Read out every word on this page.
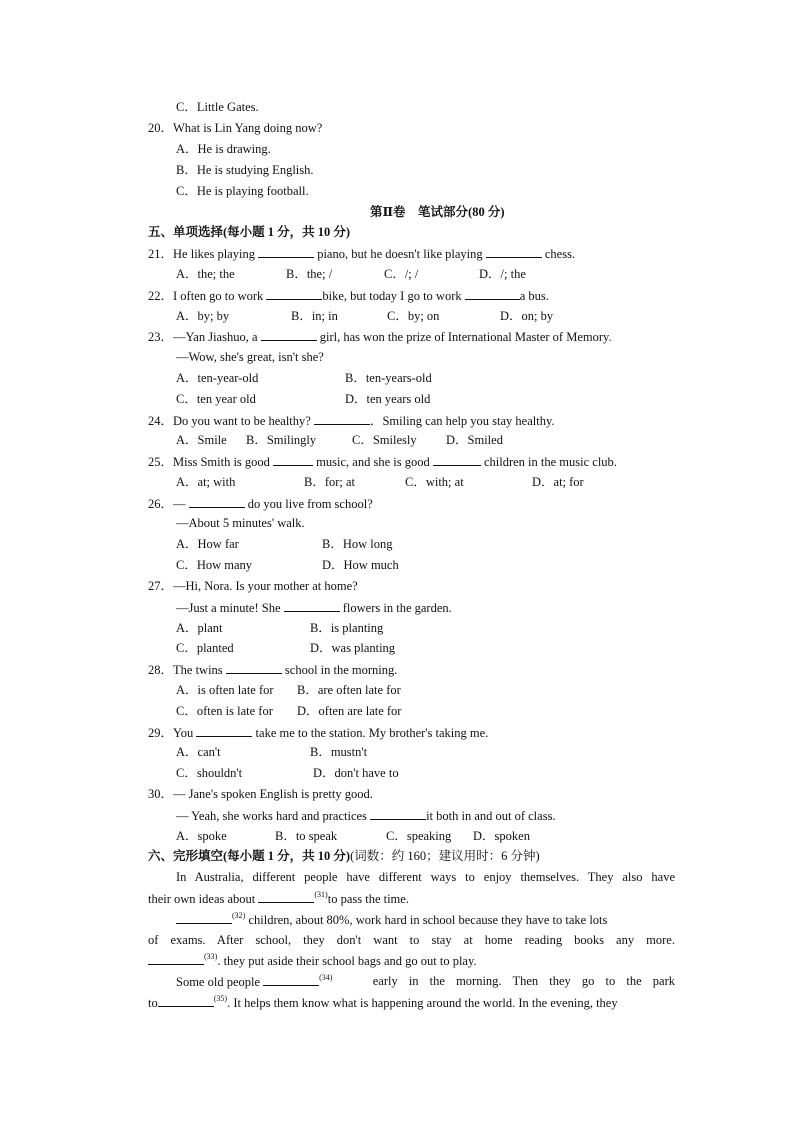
C．Little Gates.
20．What is Lin Yang doing now?
A．He is drawing.
B．He is studying English.
C．He is playing football.
第Ⅱ卷　笔试部分(80 分)
五、单项选择(每小题 1 分，共 10 分)
21．He likes playing	piano, but he doesn't like playing	chess.
A．the; the	B．the; /	C．/; /	D．/; the
22．I often go to work	bike, but today I go to work	a bus.
A．by; by	B．in; in	C．by; on	D．on; by
23．—Yan Jiashuo, a	girl, has won the prize of International Master of Memory.
—Wow, she's great, isn't she?
A．ten-year-old	B．ten-years-old
C．ten year old	D．ten years old
24．Do you want to be healthy?	．Smiling can help you stay healthy.
A．Smile B．Smilingly	C．Smilesly D．Smiled
25．Miss Smith is good	music, and she is good	children in the music club.
A．at; with	B．for; at	C．with; at	D．at; for
26．—	do you live from school?
—About 5 minutes' walk.
A．How far	B．How long
C．How many	D．How much
27．—Hi, Nora. Is your mother at home?
—Just a minute! She	flowers in the garden.
A．plant	B．is planting
C．planted	D．was planting
28．The twins	school in the morning.
A．is often late for B．are often late for
C．often is late for D．often are late for
29．You	take me to the station. My brother's taking me.
A．can't	B．mustn't
C．shouldn't	D．don't have to
30．— Jane's spoken English is pretty good.
— Yeah, she works hard and practices	it both in and out of class.
A．spoke	B．to speak	C．speaking D．spoken
六、完形填空(每小题 1 分，共 10 分)(词数：约 160；建议用时：6 分钟)
In Australia, different people have different ways to enjoy themselves. They also have
their own ideas about	$^{(31)}$to pass the time.
$^{(32)}$ children, about 80%, work hard in school because they have to take lots
of exams. After school, they don't want to stay at home reading books any more.
$^{(33)}$. they put aside their school bags and go out to play.
Some old people	$^{(34)}$	early in the morning. Then they go to the park
to	$^{(35)}$. It helps them know what is happening around the world. In the evening, they
